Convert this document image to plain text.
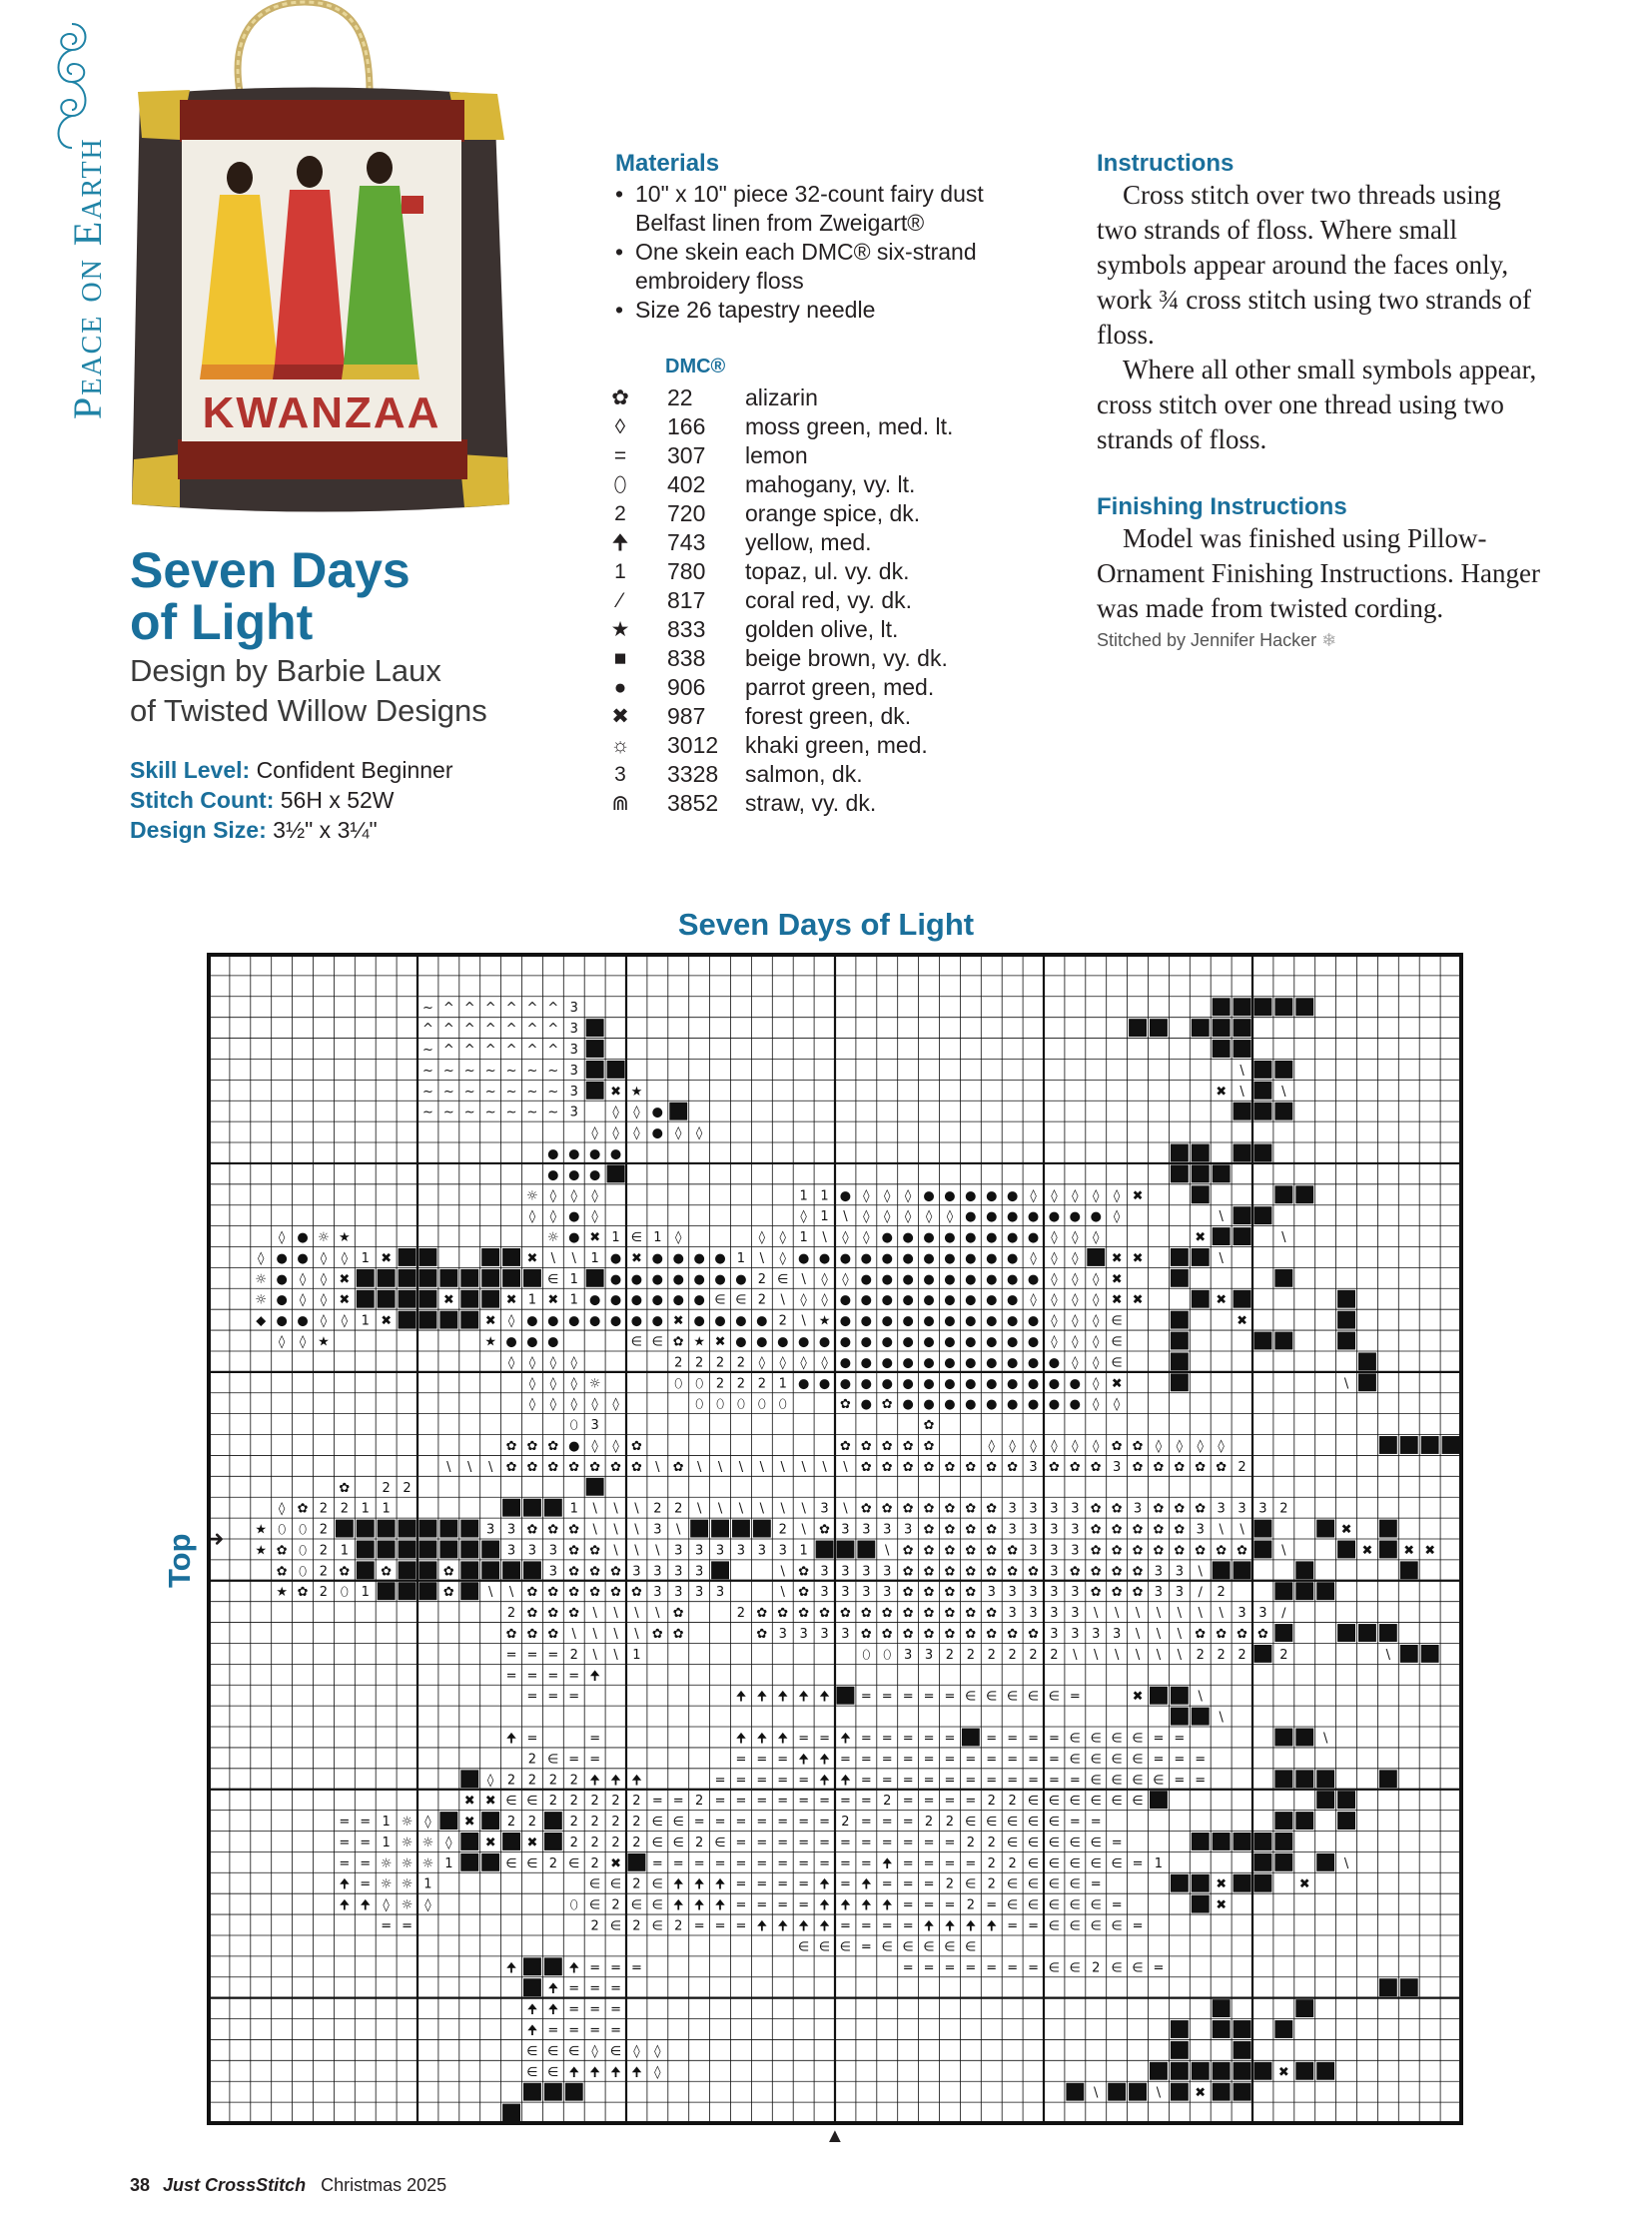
Peace on Earth KWANZAA
Seven Days
of Light
Design by Barbie Laux
of Twisted Willow Designs
Skill Level: Confident Beginner
Stitch Count: 56H x 52W
Design Size: 3½" x 3¼"
Materials
• 10" x 10" piece 32-count fairy dust
Belfast linen from Zweigart®
• One skein each DMC® six-strand
embroidery floss
• Size 26 tapestry needle
DMC®
✿ 22 alizarin
◊	166 moss green, med. lt.
= 307 lemon
⬯ 402 mahogany, vy. lt.
2	720 orange spice, dk.
🠉 743 yellow, med.
1	780 topaz, ul. vy. dk.
∕	817 coral red, vy. dk.
★ 833 golden olive, lt.
■ 838 beige brown, vy. dk.
● 906 parrot green, med.
✖ 987 forest green, dk.
☼ 3012 khaki green, med.
3	3328 salmon, dk.
⋒ 3852 straw, vy. dk.
Instructions

Cross stitch over two threads using two strands of floss. Where small symbols appear around the faces only, work ¾ cross stitch using two strands of floss.

Where all other small symbols appear, cross stitch over one thread using two strands of floss.

Finishing Instructions

Model was finished using Pillow-Ornament Finishing Instructions. Hanger was made from twisted cording.

Stitched by Jennifer Hacker ❄
Seven Days of Light
Top ➜
~ ^ ^ ^ ^ ^ ^ 3
^ ^ ^ ^ ^ ^ ^ 3
~ ^ ^ ^ ^ ^ ^ 3
~ ~ ~ ~ ~ ~ ~ 3	\
~ ~ ~ ~ ~ ~ ~ 3 ✖ ★	✖ \	\
~ ~ ~ ~ ~ ~ ~ 3	◊ ◊ ●
◊ ◊ ◊ ● ◊ ◊
● ● ● ●
● ● ●
☼ ◊ ◊ ◊	1 1 ● ◊ ◊ ◊ ● ● ● ● ● ◊ ◊ ◊ ◊ ◊ ✖
◊ ◊ ● ◊	◊ 1 \ ◊ ◊ ◊ ◊ ◊ ● ● ● ● ● ● ● ◊	\
◊ ● ☼ ★	☼ ● ✖ 1 ∈ 1 ◊	◊ ◊ 1 \ ◊ ◊ ● ● ● ● ● ● ● ● ◊ ◊ ◊	✖	\
◊ ● ● ◊ ◊ 1 ✖	✖ \ \ 1 ● ✖ ● ● ● ● 1 \ ◊ ● ● ● ● ● ● ● ● ● ● ● ◊ ◊ ◊	✖ ✖	\
☼ ● ◊ ◊ ✖	∈ 1 ● ● ● ● ● ● ● 2 ∈ \ ◊ ◊ ● ● ● ● ● ● ● ● ● ◊ ◊ ◊ ✖
☼ ● ◊ ◊ ✖	✖	✖ 1 ✖ 1 ● ● ● ● ● ● ∈ ∈ 2 \ ◊ ◊ ● ● ● ● ● ● ● ● ● ◊ ◊ ◊ ◊ ✖ ✖	✖
◆ ● ● ◊ ◊ 1 ✖	✖ ◊ ● ● ● ● ● ● ● ✖ ● ● ● ● 2 \ ★ ● ● ● ● ● ● ● ● ● ● ◊ ◊ ◊ ∈	✖
◊ ◊ ★	★ ● ● ●	∈ ∈ ✿ ★ ✖ ● ● ● ● ● ● ● ● ● ● ● ● ● ● ● ◊ ◊ ◊ ∈
◊ ◊ ◊ ◊	2 2 2 2 ◊ ◊ ◊ ◊ ● ● ● ● ● ● ● ● ● ● ● ◊ ◊ ∈
◊ ◊ ◊ ☼	⬯ ⬯ 2 2 2 1 ● ● ● ● ● ● ● ● ● ● ● ● ● ● ◊ ✖	\
◊ ◊ ◊ ◊ ◊	⬯ ⬯ ⬯ ⬯ ⬯	✿ ● ✿ ● ● ● ● ● ● ● ● ● ◊ ◊
⬯ 3	✿
✿ ✿ ✿ ● ◊ ◊ ✿	✿ ✿ ✿ ✿ ✿	◊ ◊ ◊ ◊ ◊ ◊ ✿ ✿ ◊ ◊ ◊ ◊
\ \ \ ✿ ✿ ✿ ✿ ✿ ✿ ✿ \ ✿ \ \ \ \ \ \ \ \ ✿ ✿ ✿ ✿ ✿ ✿ ✿ ✿ 3 ✿ ✿ ✿ 3 ✿ ✿ ✿ ✿ ✿ 2
✿ 2 2
◊ ✿ 2 2 1 1	1 \ \ \ 2 2 \ \ \ \ \ \ 3 \ ✿ ✿ ✿ ✿ ✿ ✿ ✿ 3 3 3 3 ✿ ✿ 3 ✿ ✿ ✿ 3 3 3 2
★ ⬯ ⬯ 2	3 3 ✿ ✿ ✿ \ \ \ 3 \	2 \ ✿ 3 3 3 3 ✿ ✿ ✿ ✿ 3 3 3 3 ✿ ✿ ✿ ✿ ✿ 3 \ \	✖
★ ✿ ⬯ 2 1	3 3 3 ✿ ✿ \ \ \ 3 3 3 3 3 3 1	\ ✿ ✿ ✿ ✿ ✿ ✿ 3 3 3 ✿ ✿ ✿ ✿ ✿ ✿ ✿ ✿	\	✖ ✖ ✖
✿ ⬯ 2 ✿ ✿	✿	3 ✿ ✿ ✿ 3 3 3 3	\ ✿ 3 3 3 3 ✿ ✿ ✿ ✿ ✿ ✿ ✿ 3 ✿ ✿ ✿ ✿ 3 3 \
★ ✿ 2 ⬯ 1	✿	\ \ ✿ ✿ ✿ ✿ ✿ ✿ 3 3 3 3	\ ✿ 3 3 3 3 ✿ ✿ ✿ ✿ 3 3 3 3 3 ✿ ✿ ✿ 3 3 ∕ 2
2 ✿ ✿ ✿ \ \ \ \ ✿	2 ✿ ✿ ✿ ✿ ✿ ✿ ✿ ✿ ✿ ✿ ✿ ✿ 3 3 3 3 \ \ \ \ \ \ \ 3 3 ∕
✿ ✿ ✿ \ \ \ \ ✿ ✿	✿ 3 3 3 3 ✿ ✿ ✿ ✿ ✿ ✿ ✿ ✿ ✿ 3 3 3 3 \ \ \ ✿ ✿ ✿ ✿
= = = 2 \ \ 1	⬯ ⬯ 3 3 2 2 2 2 2 2 \ \ \ \ \ \ 2 2 2	2	\
= = = = 🠉
= = =	🠉 🠉 🠉 🠉 🠉 = = = = = ∈ ∈ ∈ ∈ ∈ =	✖	\
\
🠉 =	=	🠉 🠉 🠉 = = 🠉 = = = = = = = = = ∈ ∈ ∈ ∈ = =	\
2 ∈ = =	= = = 🠉 🠉 = = = = = = = = = = = ∈ ∈ ∈ ∈ = = =
◊ 2 2 2 2 🠉 🠉 🠉	= = = = = 🠉 🠉 = = = = = = = = = = = ∈ ∈ ∈ ∈ = =
✖ ✖ ∈ ∈ 2 2 2 2 2 = = 2 = = = = = = = = 2 = = = = 2 2 ∈ ∈ ∈ ∈ ∈ ∈
= = 1 ☼ ◊	✖ 2 2	2 2 2 2 ∈ ∈ = = = = = = = 2 = = = 2 2 ∈ ∈ ∈ ∈ ∈ = =
= = 1 ☼ ☼ ◊	✖ ✖ 2 2 2 2 ∈ ∈ 2 ∈ = = = = = = = = = = = 2 2 ∈ ∈ ∈ ∈ ∈ =
= = ☼ ☼ ☼ 1	∈ ∈ 2 ∈ 2 ✖ = = = = = = = = = = = 🠉 = = = = 2 2 ∈ ∈ ∈ ∈ ∈ = 1	\
🠉 = ☼ ☼ 1	∈ ∈ 2 ∈ 🠉 🠉 🠉 = = = = 🠉 = 🠉 = = = 2 ∈ 2 ∈ ∈ ∈ ∈ =	✖	✖
🠉 🠉 ◊ ☼ ◊	⬯ ∈ 2 ∈ ∈ 🠉 🠉 🠉 = = = = 🠉 🠉 🠉 🠉 = = = 2 = ∈ ∈ ∈ ∈ ∈ =	✖
= =	2 ∈ 2 ∈ 2 = = = 🠉 🠉 🠉 🠉 = = = = 🠉 🠉 🠉 🠉 = = ∈ ∈ ∈ ∈ =
∈ ∈ ∈ = ∈ ∈ ∈ ∈ ∈
🠉	🠉 = = =	= = = = = = = ∈ ∈ 2 ∈ ∈ =
🠉 = = =
🠉 🠉 = = =
🠉 = = = =
∈ ∈ ∈ ◊ ∈ ◊ ◊
∈ ∈ 🠉 🠉 🠉 🠉 ◊	✖
\	\	✖
▲
38 Just CrossStitch Christmas 2025
